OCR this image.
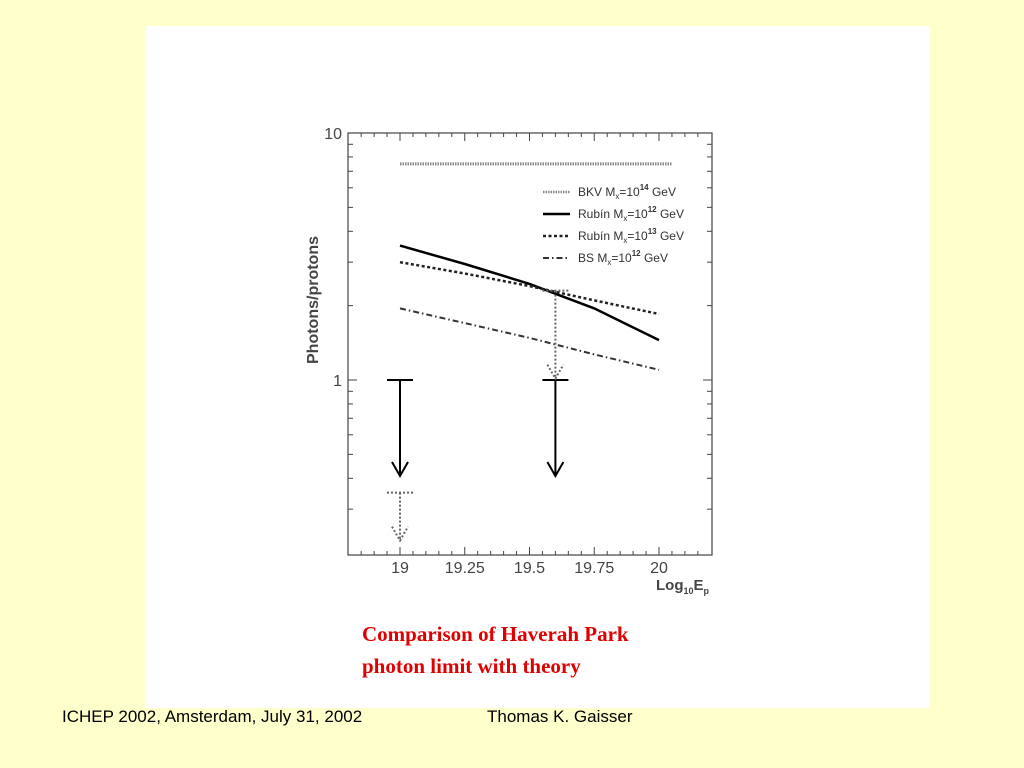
19 19.25 19.5 19.75 20
1
10
BKV $M_x=10^{14}$ GeV
Rubín $M_x=10^{12}$ GeV
Rubín $M_x=10^{13}$ GeV
BS $M_x=10^{12}$ GeV
Photons/protons
$Log_{10}E_p$
Comparison of Haverah Park
photon limit with theory
ICHEP 2002, Amsterdam, July 31, 2002	Thomas K. Gaisser
